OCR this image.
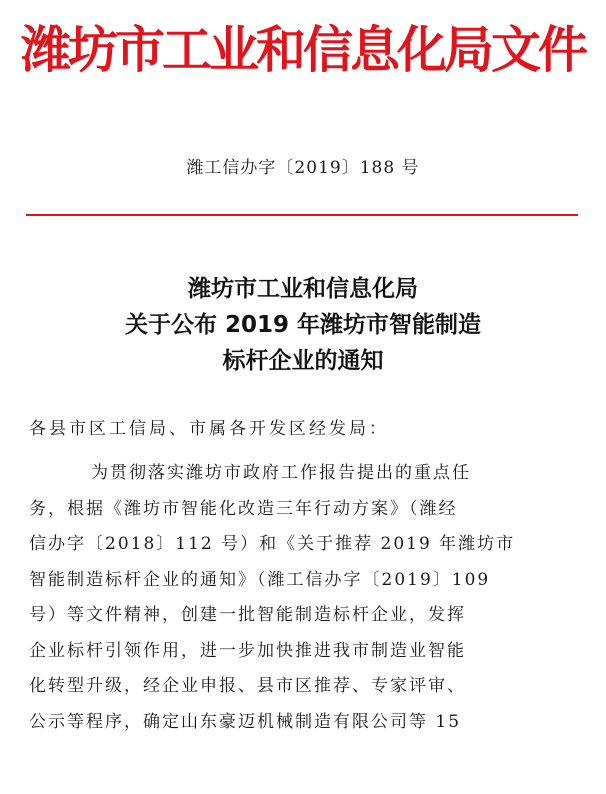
潍坊市工业和信息化局文件
潍工信办字〔2019〕188 号
潍坊市工业和信息化局
关于公布 2019 年潍坊市智能制造
标杆企业的通知
各县市区工信局、市属各开发区经发局：
为贯彻落实潍坊市政府工作报告提出的重点任
务，根据《潍坊市智能化改造三年行动方案》（潍经
信办字〔2018〕112 号）和《关于推荐 2019 年潍坊市
智能制造标杆企业的通知》（潍工信办字〔2019〕109
号）等文件精神，创建一批智能制造标杆企业，发挥
企业标杆引领作用，进一步加快推进我市制造业智能
化转型升级，经企业申报、县市区推荐、专家评审、
公示等程序，确定山东豪迈机械制造有限公司等 15
